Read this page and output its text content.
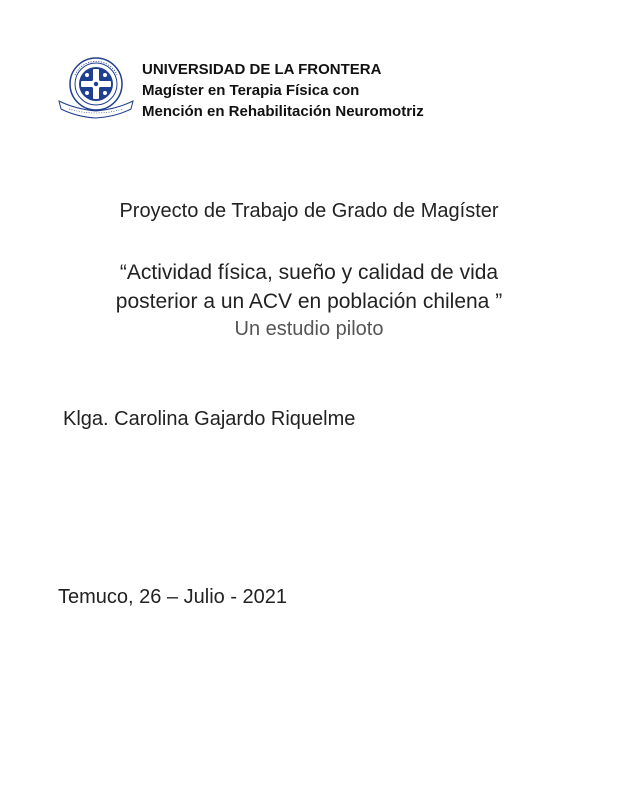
UNIVERSIDAD DE LA FRONTERA
Magíster en Terapia Física con
Mención en Rehabilitación Neuromotriz
Proyecto de Trabajo de Grado de Magíster
“Actividad física, sueño y calidad de vida
posterior a un ACV en población chilena ”
Un estudio piloto
Klga. Carolina Gajardo Riquelme
Temuco, 26 – Julio - 2021
